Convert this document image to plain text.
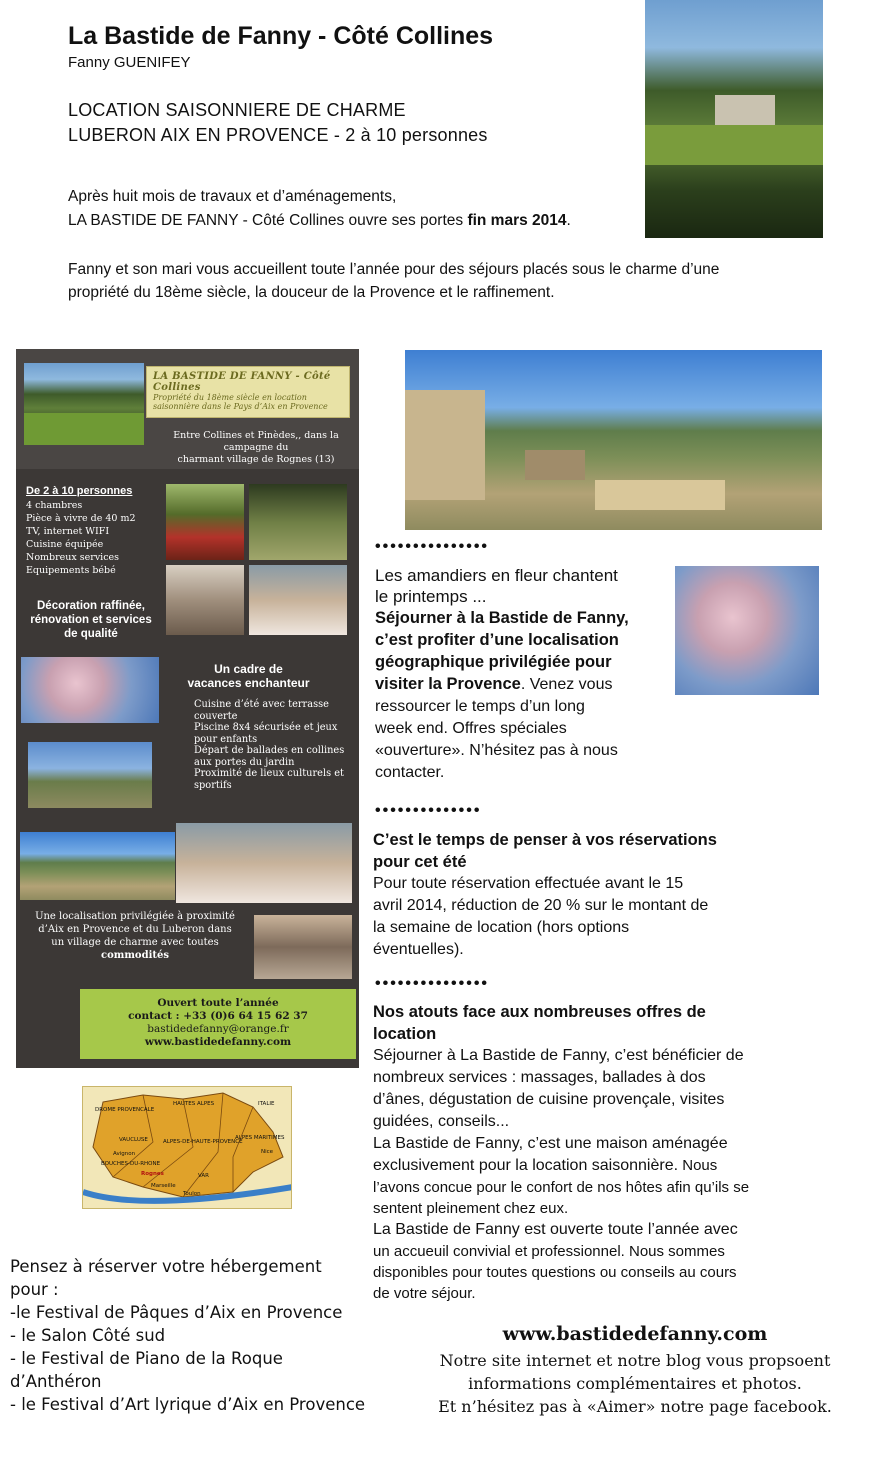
La Bastide de Fanny - Côté Collines
Fanny GUENIFEY
LOCATION SAISONNIERE DE CHARME
LUBERON AIX EN PROVENCE - 2 à 10 personnes
Après huit mois de travaux et d’aménagements,
LA BASTIDE DE FANNY - Côté Collines ouvre ses portes fin mars 2014.
Fanny et son mari vous accueillent toute l’année pour des séjours placés sous le charme d’une propriété du 18ème siècle, la douceur de la Provence et le raffinement.
LA BASTIDE DE FANNY - Côté Collines
Propriété du 18ème siècle en location saisonnière dans le Pays d’Aix en Provence
Entre Collines et Pinèdes,, dans la campagne du
charmant village de Rognes (13)
De 2 à 10 personnes
4 chambres
Pièce à vivre de 40 m2
TV, internet WIFI
Cuisine équipée
Nombreux services
Equipements bébé
Décoration raffinée,
rénovation et services
de qualité
Un cadre de
vacances enchanteur
Cuisine d’été avec terrasse couverte
Piscine 8x4 sécurisée et jeux pour enfants
Départ de ballades en collines aux portes du jardin
Proximité de lieux culturels et sportifs
Une localisation privilégiée à proximité
d’Aix en Provence et du Luberon dans
un village de charme avec toutes
commodités
Ouvert toute l’année
contact : +33 (0)6 64 15 62 37
bastidedefanny@orange.fr
www.bastidedefanny.com
DROME PROVENCALE
HAUTES ALPES	ITALIE
VAUCLUSE	ALPES-DE-HAUTE-PROVENCE
ALPES MARITIMES
BOUCHES-DU-RHONE
VAR
Rognes
Avignon
Marseille
Nice
Toulon
•••••••••••••••
Les amandiers en fleur chantent
le printemps ...
Séjourner à la Bastide de Fanny,
c’est profiter d’une localisation
géographique privilégiée pour
visiter la Provence. Venez vous
ressourcer le temps d’un long
week end. Offres spéciales
«ouverture». N’hésitez pas à nous
contacter.
••••••••••••••
C’est le temps de penser à vos réservations
pour cet été
Pour toute réservation effectuée avant le 15
avril 2014, réduction de 20 % sur le montant de
la semaine de location (hors options
éventuelles).
•••••••••••••••
Nos atouts face aux nombreuses offres de
location
Séjourner à La Bastide de Fanny, c’est bénéficier de
nombreux services : massages, ballades à dos
d’ânes, dégustation de cuisine provençale, visites
guidées, conseils...
La Bastide de Fanny, c’est une maison aménagée
exclusivement pour la location saisonnière. Nous
l’avons concue pour le confort de nos hôtes afin qu’ils se
sentent pleinement chez eux.
La Bastide de Fanny est ouverte toute l’année avec
un accueuil convivial et professionnel. Nous sommes
disponibles pour toutes questions ou conseils au cours
de votre séjour.
Pensez à réserver votre hébergement
pour :
-le Festival de Pâques d’Aix en Provence
- le Salon Côté sud
- le Festival de Piano de la Roque
d’Anthéron
- le Festival d’Art lyrique d’Aix en Provence
www.bastidedefanny.com
Notre site internet et notre blog vous propsoent
informations complémentaires et photos.
Et n’hésitez pas à «Aimer» notre page facebook.
